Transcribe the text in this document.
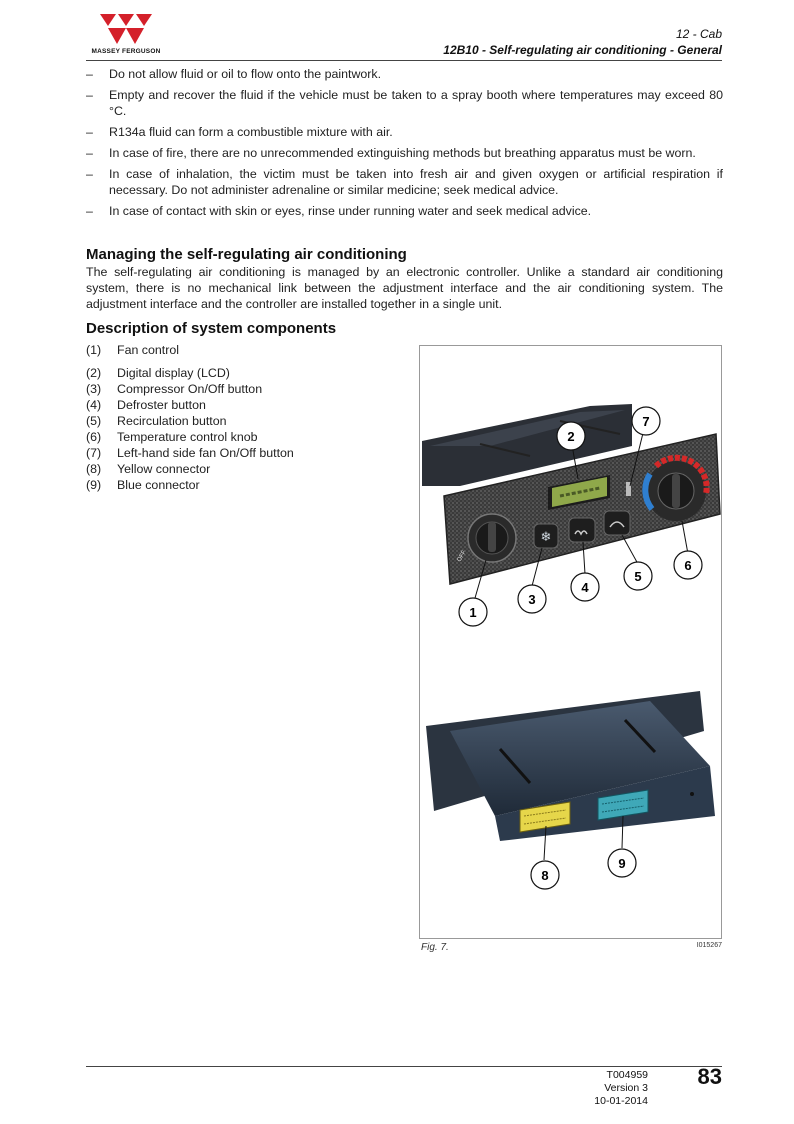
MASSEY FERGUSON
12 - Cab
12B10 - Self-regulating air conditioning - General
– Do not allow fluid or oil to flow onto the paintwork.
– Empty and recover the fluid if the vehicle must be taken to a spray booth where temperatures may exceed 80 °C.
– R134a fluid can form a combustible mixture with air.
– In case of fire, there are no unrecommended extinguishing methods but breathing apparatus must be worn.
– In case of inhalation, the victim must be taken into fresh air and given oxygen or artificial respiration if necessary. Do not administer adrenaline or similar medicine; seek medical advice.
– In case of contact with skin or eyes, rinse under running water and seek medical advice.
Managing the self-regulating air conditioning

The self-regulating air conditioning is managed by an electronic controller. Unlike a standard air conditioning system, there is no mechanical link between the adjustment interface and the air conditioning system. The adjustment interface and the controller are installed together in a single unit.

Description of system components
(1)	Fan control
(2)	Digital display (LCD)
(3)	Compressor On/Off button
(4)	Defroster button
(5)	Recirculation button
(6)	Temperature control knob
(7)	Left-hand side fan On/Off button
(8)	Yellow connector
(9)	Blue connector
OFF
❄
1
2
3
4
5
6
7
8
9
Fig. 7.	I015267
T004959
Version 3
10-01-2014
83
